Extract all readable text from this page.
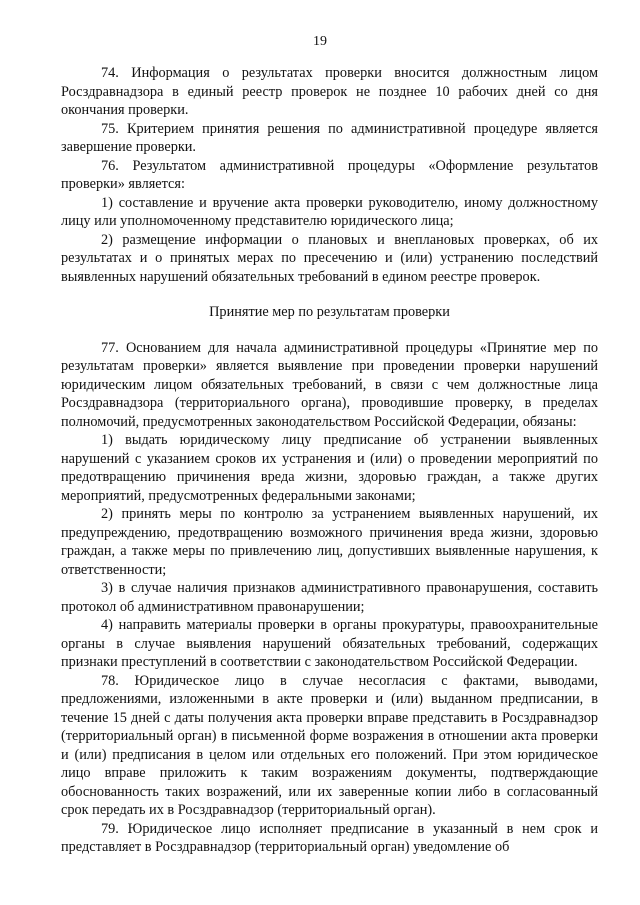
19

74. Информация о результатах проверки вносится должностным лицом Росздравнадзора в единый реестр проверок не позднее 10 рабочих дней со дня окончания проверки.

75. Критерием принятия решения по административной процедуре является завершение проверки.

76. Результатом административной процедуры «Оформление результатов проверки» является:

1) составление и вручение акта проверки руководителю, иному должностному лицу или уполномоченному представителю юридического лица;

2) размещение информации о плановых и внеплановых проверках, об их результатах и о принятых мерах по пресечению и (или) устранению последствий выявленных нарушений обязательных требований в едином реестре проверок.

Принятие мер по результатам проверки

77. Основанием для начала административной процедуры «Принятие мер по результатам проверки» является выявление при проведении проверки нарушений юридическим лицом обязательных требований, в связи с чем должностные лица Росздравнадзора (территориального органа), проводившие проверку, в пределах полномочий, предусмотренных законодательством Российской Федерации, обязаны:

1) выдать юридическому лицу предписание об устранении выявленных нарушений с указанием сроков их устранения и (или) о проведении мероприятий по предотвращению причинения вреда жизни, здоровью граждан, а также других мероприятий, предусмотренных федеральными законами;

2) принять меры по контролю за устранением выявленных нарушений, их предупреждению, предотвращению возможного причинения вреда жизни, здоровью граждан, а также меры по привлечению лиц, допустивших выявленные нарушения, к ответственности;

3) в случае наличия признаков административного правонарушения, составить протокол об административном правонарушении;

4) направить материалы проверки в органы прокуратуры, правоохранительные органы в случае выявления нарушений обязательных требований, содержащих признаки преступлений в соответствии с законодательством Российской Федерации.

78. Юридическое лицо в случае несогласия с фактами, выводами, предложениями, изложенными в акте проверки и (или) выданном предписании, в течение 15 дней с даты получения акта проверки вправе представить в Росздравнадзор (территориальный орган) в письменной форме возражения в отношении акта проверки и (или) предписания в целом или отдельных его положений. При этом юридическое лицо вправе приложить к таким возражениям документы, подтверждающие обоснованность таких возражений, или их заверенные копии либо в согласованный срок передать их в Росздравнадзор (территориальный орган).

79. Юридическое лицо исполняет предписание в указанный в нем срок и представляет в Росздравнадзор (территориальный орган) уведомление об
